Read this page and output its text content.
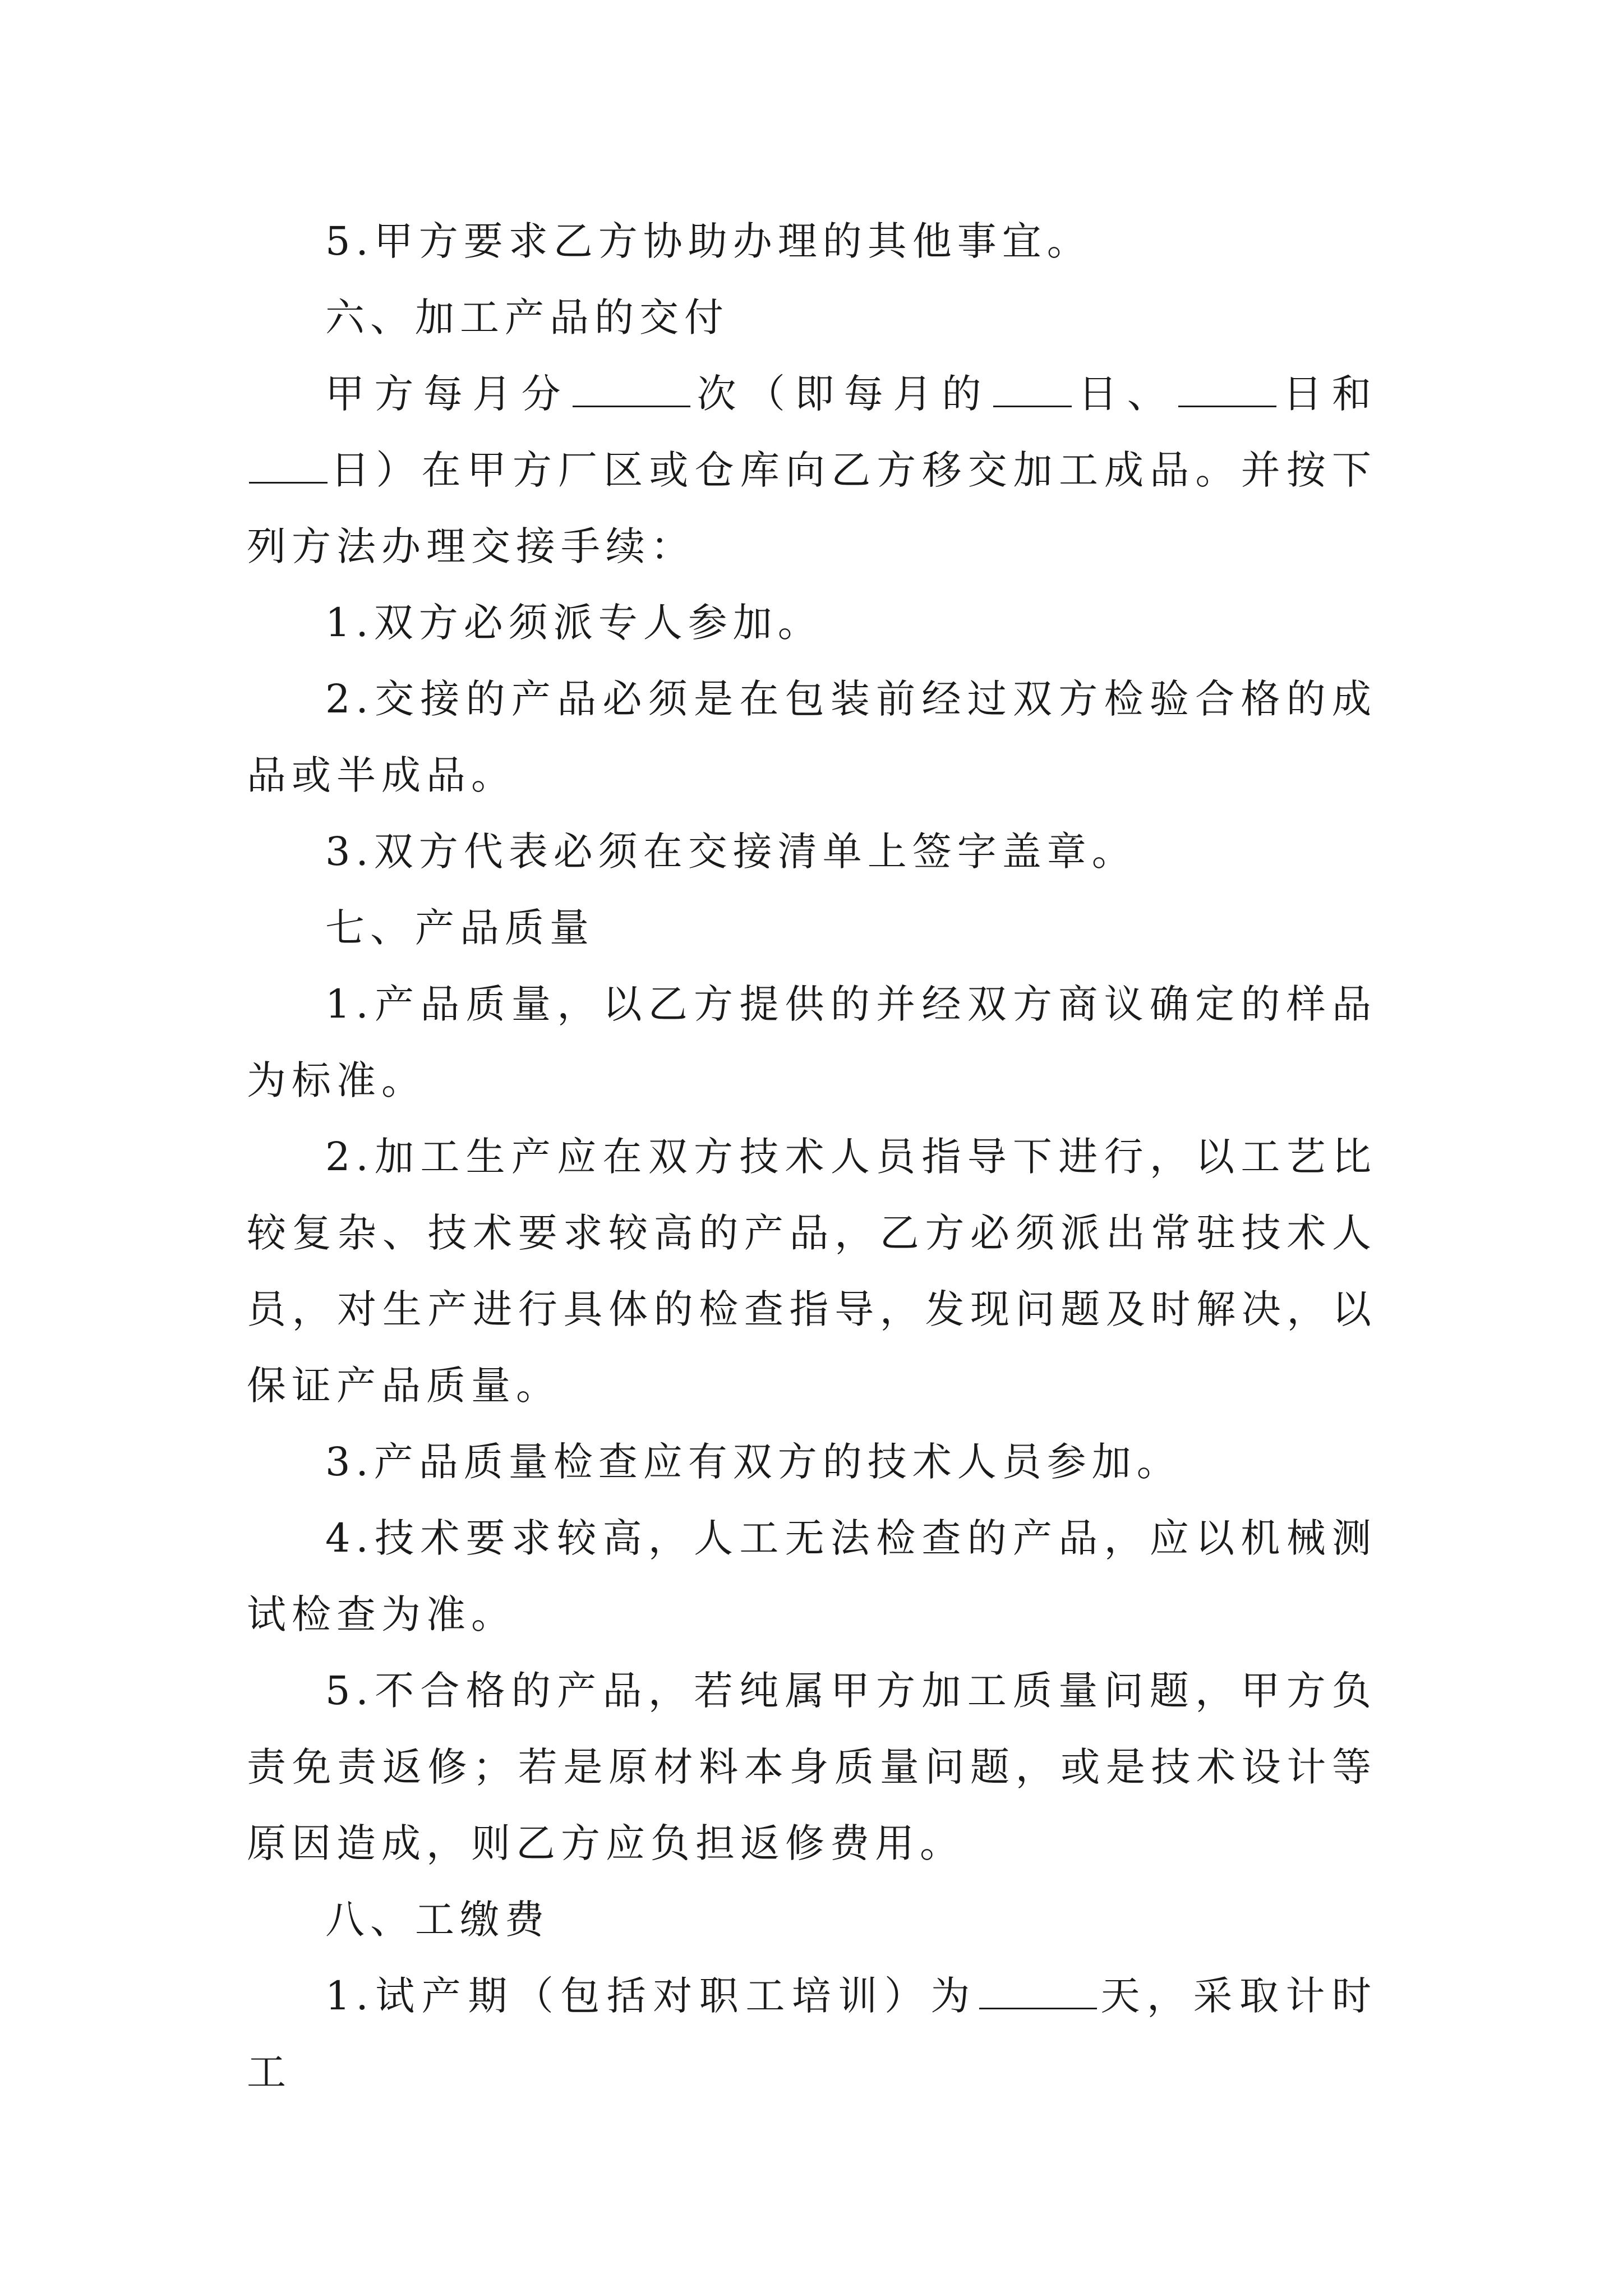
5.甲方要求乙方协助办理的其他事宜。

六、加工产品的交付

甲方每月分	次（即每月的 日、	日和日）在甲方厂区或仓库向乙方移交加工成品。并按下列方法办理交接手续：

1.双方必须派专人参加。

2.交接的产品必须是在包装前经过双方检验合格的成品或半成品。

3.双方代表必须在交接清单上签字盖章。

七、产品质量

1.产品质量，以乙方提供的并经双方商议确定的样品为标准。

2.加工生产应在双方技术人员指导下进行，以工艺比较复杂、技术要求较高的产品，乙方必须派出常驻技术人员，对生产进行具体的检查指导，发现问题及时解决，以保证产品质量。

3.产品质量检查应有双方的技术人员参加。

4.技术要求较高，人工无法检查的产品，应以机械测试检查为准。

5.不合格的产品，若纯属甲方加工质量问题，甲方负责免责返修；若是原材料本身质量问题，或是技术设计等原因造成，则乙方应负担返修费用。

八、工缴费

1.试产期（包括对职工培训）为	天，采取计时工
